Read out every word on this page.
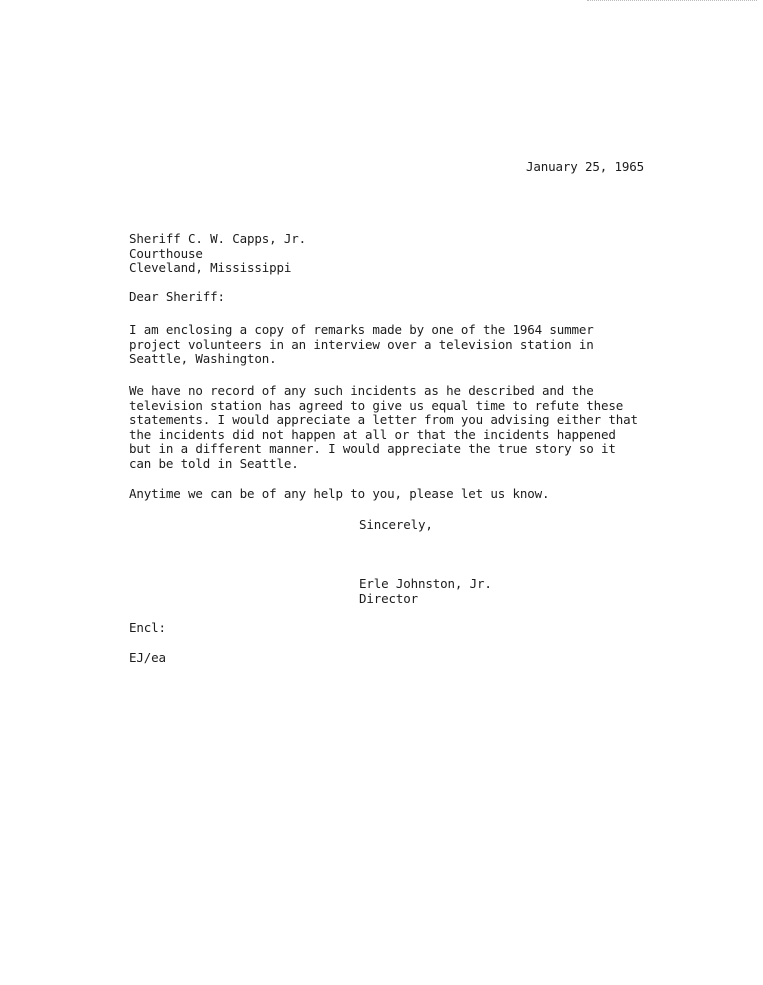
January 25, 1965
Sheriff C. W. Capps, Jr.
Courthouse
Cleveland, Mississippi
Dear Sheriff:
I am enclosing a copy of remarks made by one of the 1964 summer
project volunteers in an interview over a television station in
Seattle, Washington.
We have no record of any such incidents as he described and the
television station has agreed to give us equal time to refute these
statements. I would appreciate a letter from you advising either that
the incidents did not happen at all or that the incidents happened
but in a different manner. I would appreciate the true story so it
can be told in Seattle.
Anytime we can be of any help to you, please let us know.
Sincerely,
Erle Johnston, Jr.
Director
Encl:
EJ/ea
